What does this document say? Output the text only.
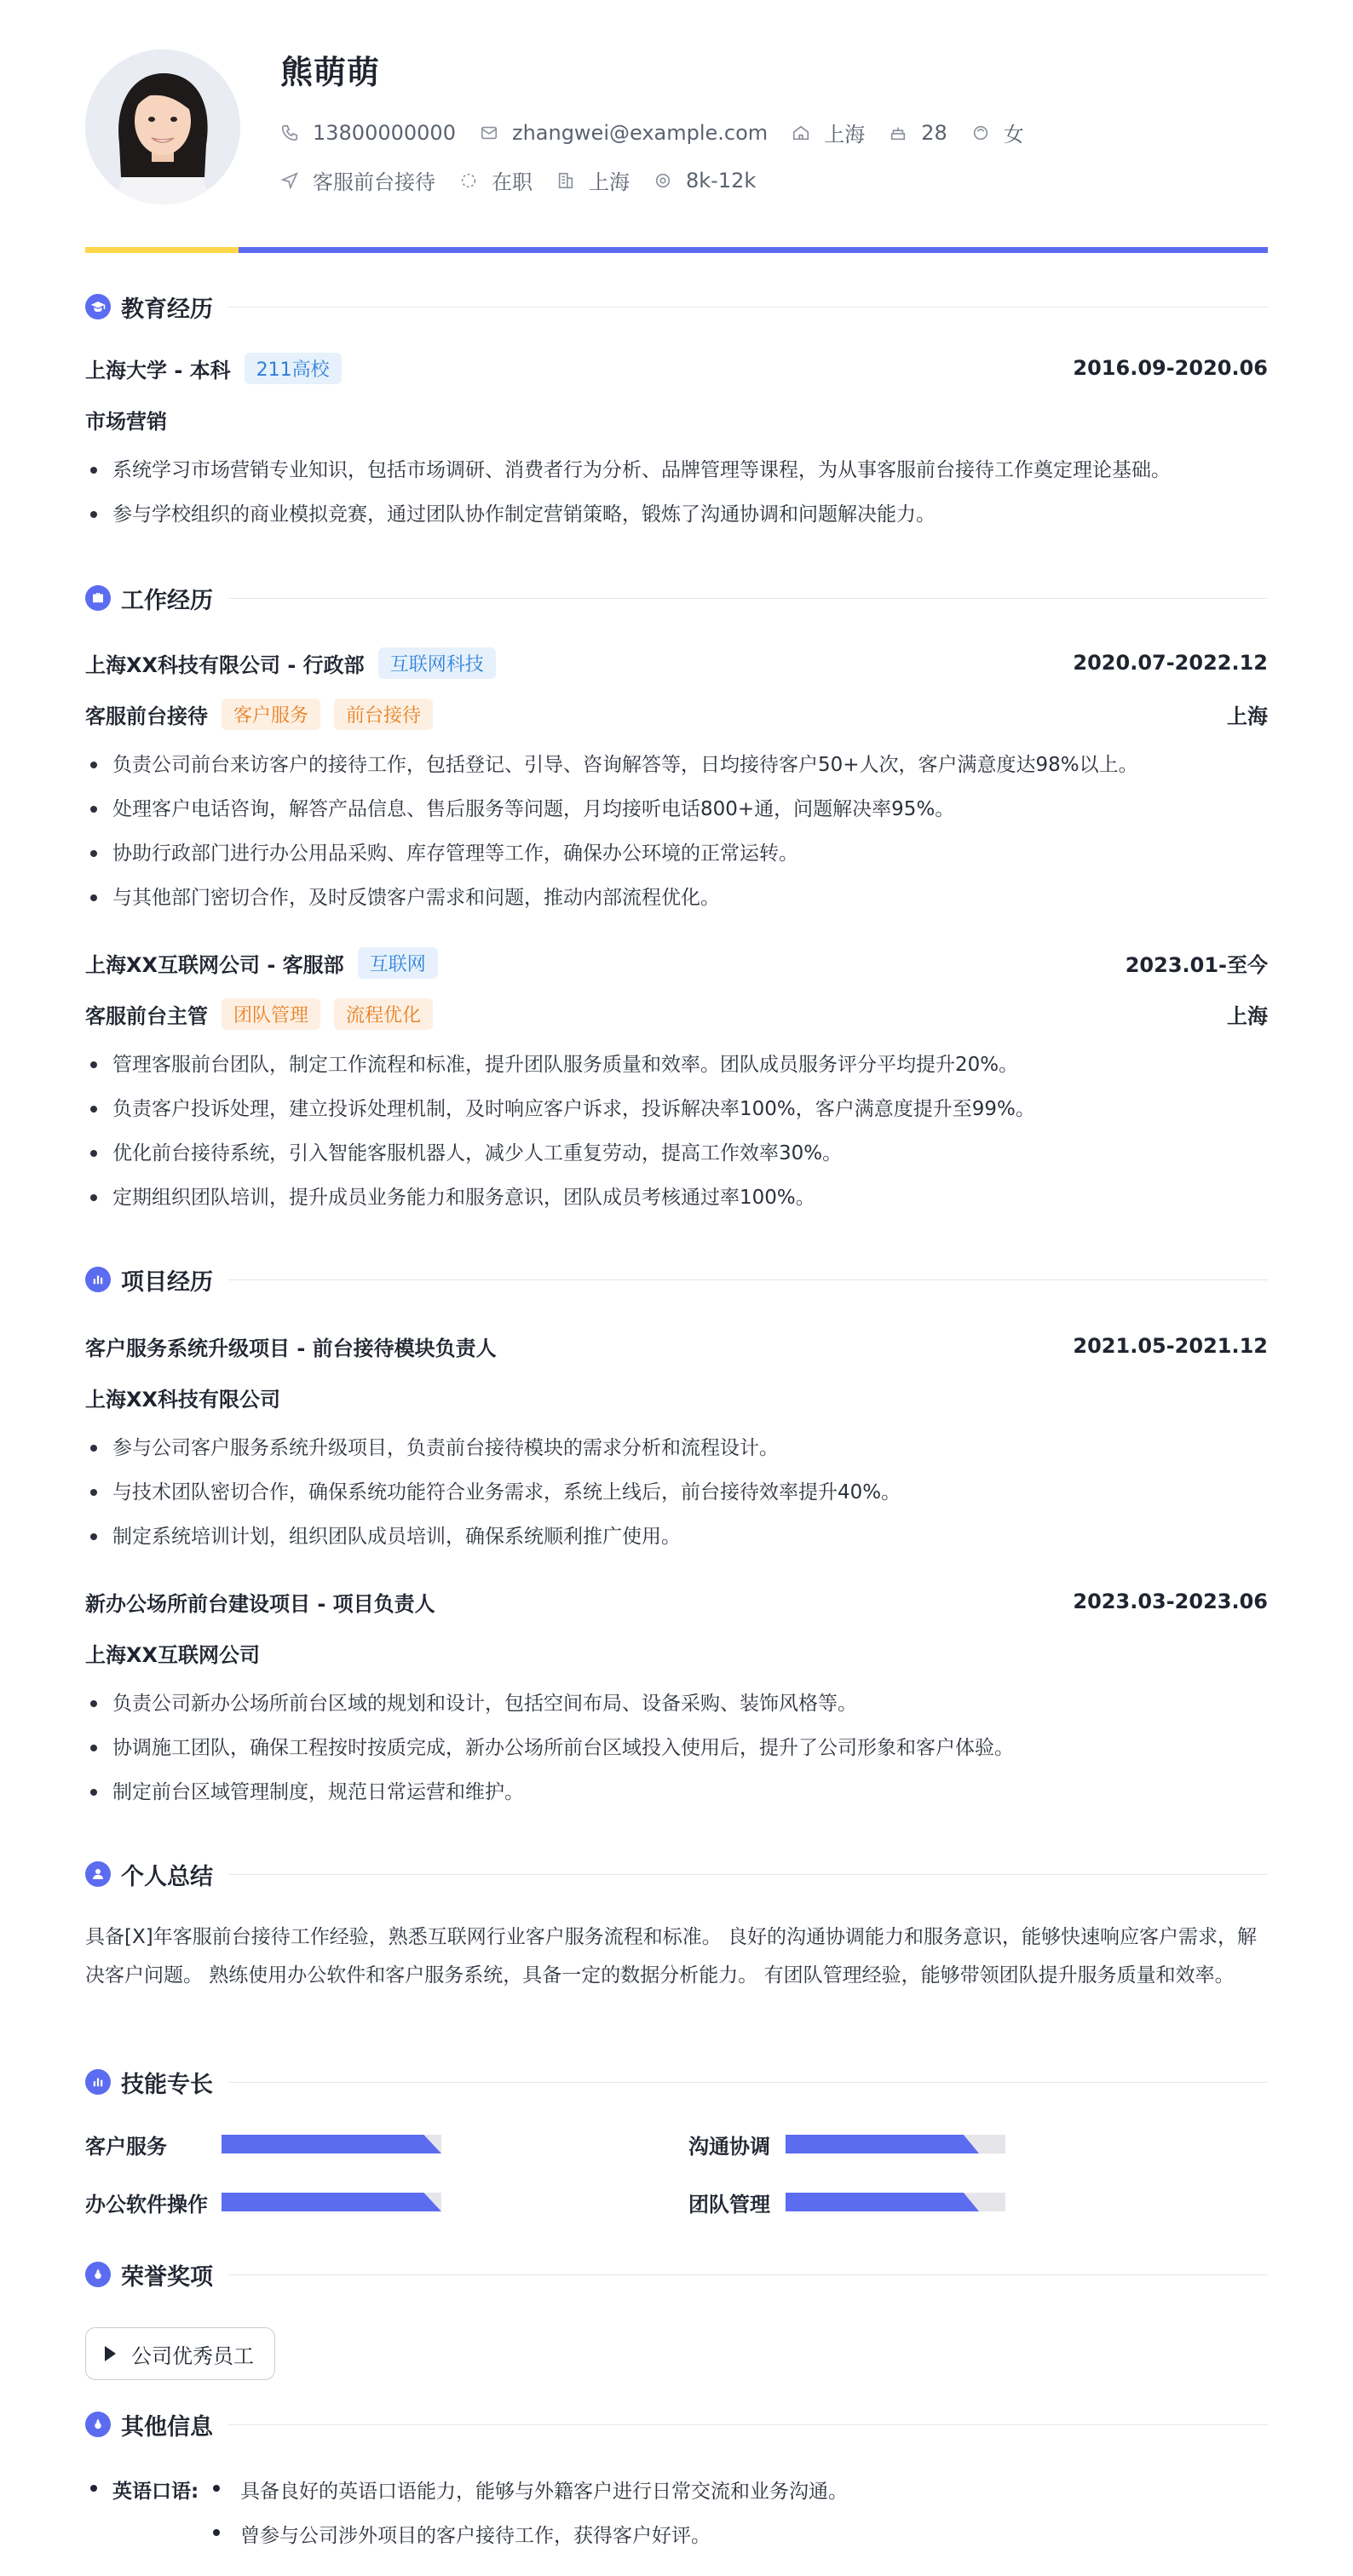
熊萌萌
13800000000	zhangwei@example.com	上海	28	女
客服前台接待	在职	上海	8k-12k
教育经历
上海大学 - 本科	211高校	2016.09-2020.06
市场营销
系统学习市场营销专业知识，包括市场调研、消费者行为分析、品牌管理等课程，为从事客服前台接待工作奠定理论基础。
参与学校组织的商业模拟竞赛，通过团队协作制定营销策略，锻炼了沟通协调和问题解决能力。
工作经历
上海XX科技有限公司 - 行政部	互联网科技	2020.07-2022.12
客服前台接待	客户服务	前台接待	上海
负责公司前台来访客户的接待工作，包括登记、引导、咨询解答等，日均接待客户50+人次，客户满意度达98%以上。
处理客户电话咨询，解答产品信息、售后服务等问题，月均接听电话800+通，问题解决率95%。
协助行政部门进行办公用品采购、库存管理等工作，确保办公环境的正常运转。
与其他部门密切合作，及时反馈客户需求和问题，推动内部流程优化。
上海XX互联网公司 - 客服部	互联网	2023.01-至今
客服前台主管	团队管理	流程优化	上海
管理客服前台团队，制定工作流程和标准，提升团队服务质量和效率。团队成员服务评分平均提升20%。
负责客户投诉处理，建立投诉处理机制，及时响应客户诉求，投诉解决率100%，客户满意度提升至99%。
优化前台接待系统，引入智能客服机器人，减少人工重复劳动，提高工作效率30%。
定期组织团队培训，提升成员业务能力和服务意识，团队成员考核通过率100%。
项目经历
客户服务系统升级项目 - 前台接待模块负责人	2021.05-2021.12
上海XX科技有限公司
参与公司客户服务系统升级项目，负责前台接待模块的需求分析和流程设计。
与技术团队密切合作，确保系统功能符合业务需求，系统上线后，前台接待效率提升40%。
制定系统培训计划，组织团队成员培训，确保系统顺利推广使用。
新办公场所前台建设项目 - 项目负责人	2023.03-2023.06
上海XX互联网公司
负责公司新办公场所前台区域的规划和设计，包括空间布局、设备采购、装饰风格等。
协调施工团队，确保工程按时按质完成，新办公场所前台区域投入使用后，提升了公司形象和客户体验。
制定前台区域管理制度，规范日常运营和维护。
个人总结
具备[X]年客服前台接待工作经验，熟悉互联网行业客户服务流程和标准。 良好的沟通协调能力和服务意识，能够快速响应客户需求，解决客户问题。 熟练使用办公软件和客户服务系统，具备一定的数据分析能力。 有团队管理经验，能够带领团队提升服务质量和效率。
技能专长
客户服务	沟通协调
办公软件操作	团队管理
荣誉奖项
公司优秀员工
其他信息
英语口语: 具备良好的英语口语能力，能够与外籍客户进行日常交流和业务沟通。
曾参与公司涉外项目的客户接待工作，获得客户好评。
